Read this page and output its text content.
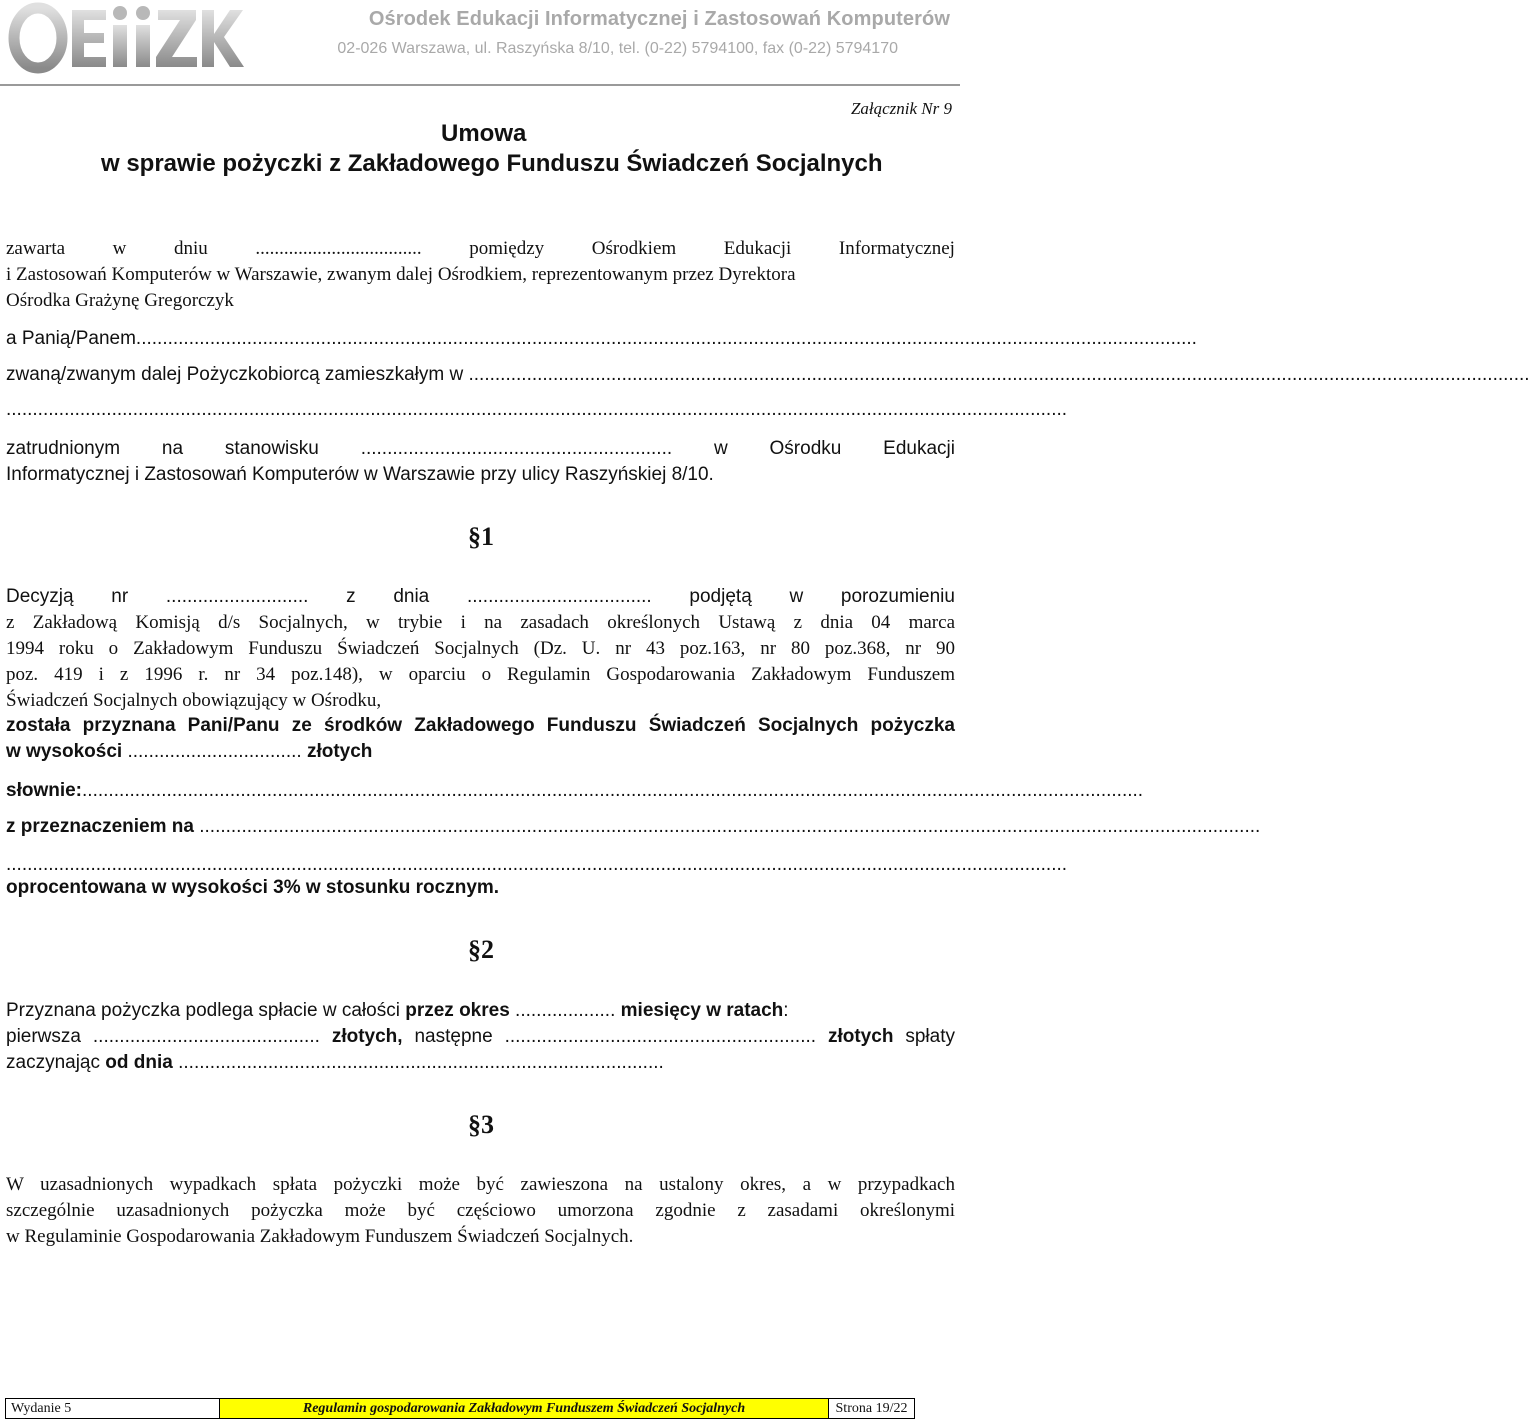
Ośrodek Edukacji Informatycznej i Zastosowań Komputerów
02-026 Warszawa, ul. Raszyńska 8/10, tel. (0-22) 5794100, fax (0-22) 5794170
Załącznik Nr 9
Umowa
w sprawie pożyczki z Zakładowego Funduszu Świadczeń Socjalnych
zawarta	w	dniu	...................................	pomiędzy	Ośrodkiem	Edukacji	Informatycznej
i Zastosowań Komputerów w Warszawie, zwanym dalej Ośrodkiem, reprezentowanym przez Dyrektora
Ośrodka Grażynę Gregorczyk
a Panią/Panem.........................................................................................................................................................................................................
zwaną/zwanym dalej Pożyczkobiorcą zamieszkałym w .........................................................................................................................................................................................................
.........................................................................................................................................................................................................
zatrudnionym na stanowisku ........................................................... w Ośrodku Edukacji
Informatycznej i Zastosowań Komputerów w Warszawie przy ulicy Raszyńskiej 8/10.
§1
Decyzją nr ........................... z dnia ................................... podjętą w porozumieniu
z Zakładową Komisją d/s Socjalnych, w trybie i na zasadach określonych Ustawą z dnia 04 marca
1994 roku o Zakładowym Funduszu Świadczeń Socjalnych (Dz. U. nr 43 poz.163, nr 80 poz.368, nr 90
poz. 419 i z 1996 r. nr 34 poz.148), w oparciu o Regulamin Gospodarowania Zakładowym Funduszem
Świadczeń Socjalnych obowiązujący w Ośrodku,
została przyznana Pani/Panu ze środków Zakładowego Funduszu Świadczeń Socjalnych pożyczka
w wysokości ................................. złotych
słownie:.........................................................................................................................................................................................................
z przeznaczeniem na .........................................................................................................................................................................................................
.........................................................................................................................................................................................................
oprocentowana w wysokości 3% w stosunku rocznym.
§2
Przyznana pożyczka podlega spłacie w całości przez okres ................... miesięcy w ratach:
pierwsza ........................................... złotych, następne ........................................................... złotych spłaty
zaczynając od dnia ............................................................................................
§3
W uzasadnionych wypadkach spłata pożyczki może być zawieszona na ustalony okres, a w przypadkach
szczególnie uzasadnionych pożyczka może być częściowo umorzona zgodnie z zasadami określonymi
w Regulaminie Gospodarowania Zakładowym Funduszem Świadczeń Socjalnych.
Wydanie 5	Regulamin gospodarowania Zakładowym Funduszem Świadczeń Socjalnych	Strona 19/22
